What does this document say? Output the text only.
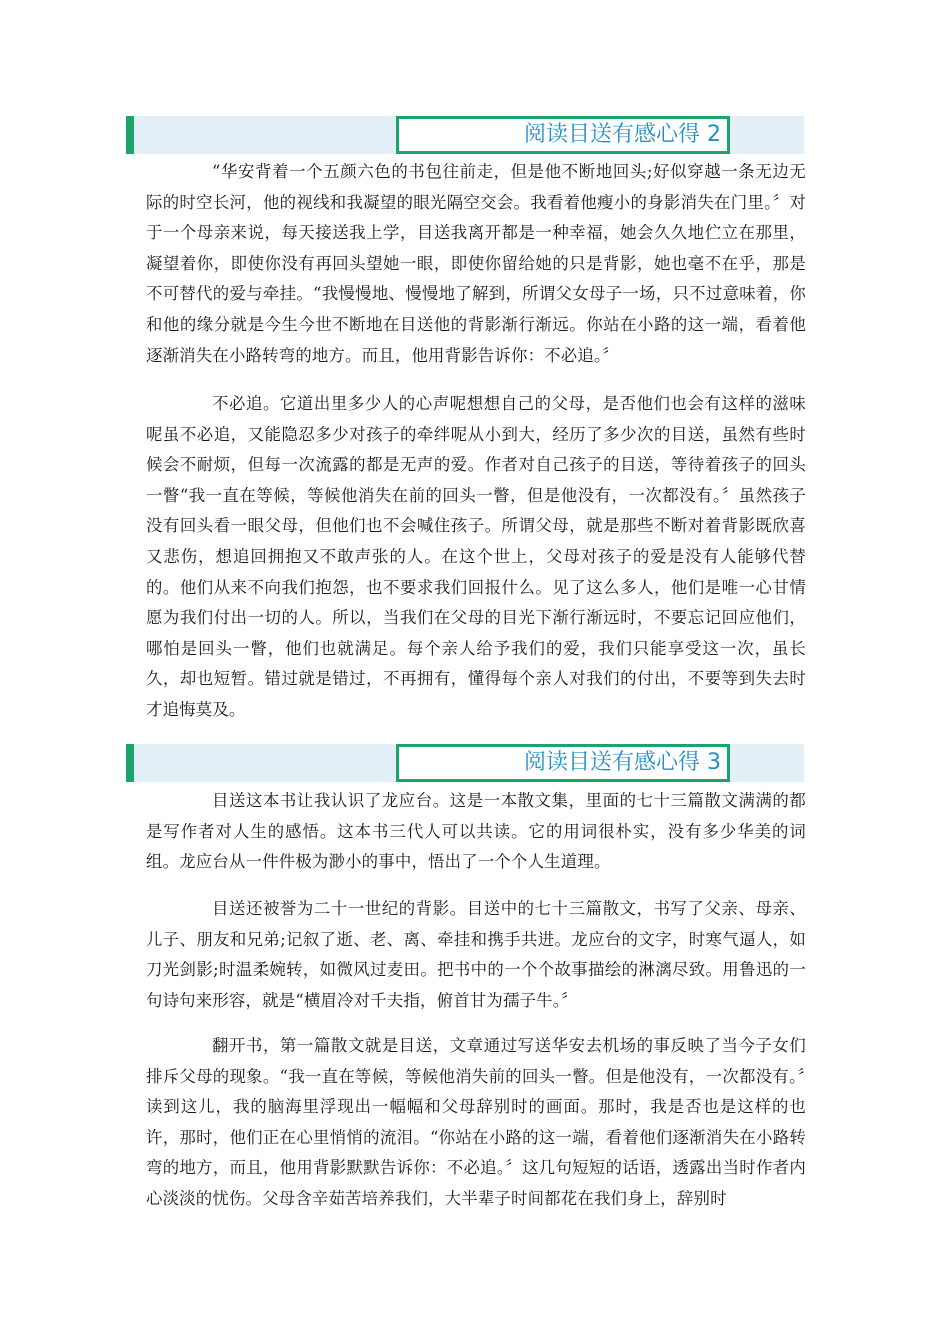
阅读目送有感心得 2

“华安背着一个五颜六色的书包往前走，但是他不断地回头;好似穿越一条无边无际的时空长河，他的视线和我凝望的眼光隔空交会。我看着他瘦小的身影消失在门里。〞对于一个母亲来说，每天接送我上学，目送我离开都是一种幸福，她会久久地伫立在那里，凝望着你，即使你没有再回头望她一眼，即使你留给她的只是背影，她也毫不在乎，那是不可替代的爱与牵挂。“我慢慢地、慢慢地了解到，所谓父女母子一场，只不过意味着，你和他的缘分就是今生今世不断地在目送他的背影渐行渐远。你站在小路的这一端，看着他逐渐消失在小路转弯的地方。而且，他用背影告诉你：不必追。〞

不必追。它道出里多少人的心声呢想想自己的父母，是否他们也会有这样的滋味呢虽不必追，又能隐忍多少对孩子的牵绊呢从小到大，经历了多少次的目送，虽然有些时候会不耐烦，但每一次流露的都是无声的爱。作者对自己孩子的目送，等待着孩子的回头一瞥“我一直在等候，等候他消失在前的回头一瞥，但是他没有，一次都没有。〞虽然孩子没有回头看一眼父母，但他们也不会喊住孩子。所谓父母，就是那些不断对着背影既欣喜又悲伤，想追回拥抱又不敢声张的人。在这个世上，父母对孩子的爱是没有人能够代替的。他们从来不向我们抱怨，也不要求我们回报什么。见了这么多人，他们是唯一心甘情愿为我们付出一切的人。所以，当我们在父母的目光下渐行渐远时，不要忘记回应他们，哪怕是回头一瞥，他们也就满足。每个亲人给予我们的爱，我们只能享受这一次，虽长久，却也短暂。错过就是错过，不再拥有，懂得每个亲人对我们的付出，不要等到失去时才追悔莫及。

阅读目送有感心得 3

目送这本书让我认识了龙应台。这是一本散文集，里面的七十三篇散文满满的都是写作者对人生的感悟。这本书三代人可以共读。它的用词很朴实，没有多少华美的词组。龙应台从一件件极为渺小的事中，悟出了一个个人生道理。

目送还被誉为二十一世纪的背影。目送中的七十三篇散文，书写了父亲、母亲、儿子、朋友和兄弟;记叙了逝、老、离、牵挂和携手共进。龙应台的文字，时寒气逼人，如刀光剑影;时温柔婉转，如微风过麦田。把书中的一个个故事描绘的淋漓尽致。用鲁迅的一句诗句来形容，就是“横眉冷对千夫指，俯首甘为孺子牛。〞

翻开书，第一篇散文就是目送，文章通过写送华安去机场的事反映了当今子女们排斥父母的现象。“我一直在等候，等候他消失前的回头一瞥。但是他没有，一次都没有。〞读到这儿，我的脑海里浮现出一幅幅和父母辞别时的画面。那时，我是否也是这样的也许，那时，他们正在心里悄悄的流泪。“你站在小路的这一端，看着他们逐渐消失在小路转弯的地方，而且，他用背影默默告诉你：不必追。〞这几句短短的话语，透露出当时作者内心淡淡的忧伤。父母含辛茹苦培养我们，大半辈子时间都花在我们身上，辞别时
